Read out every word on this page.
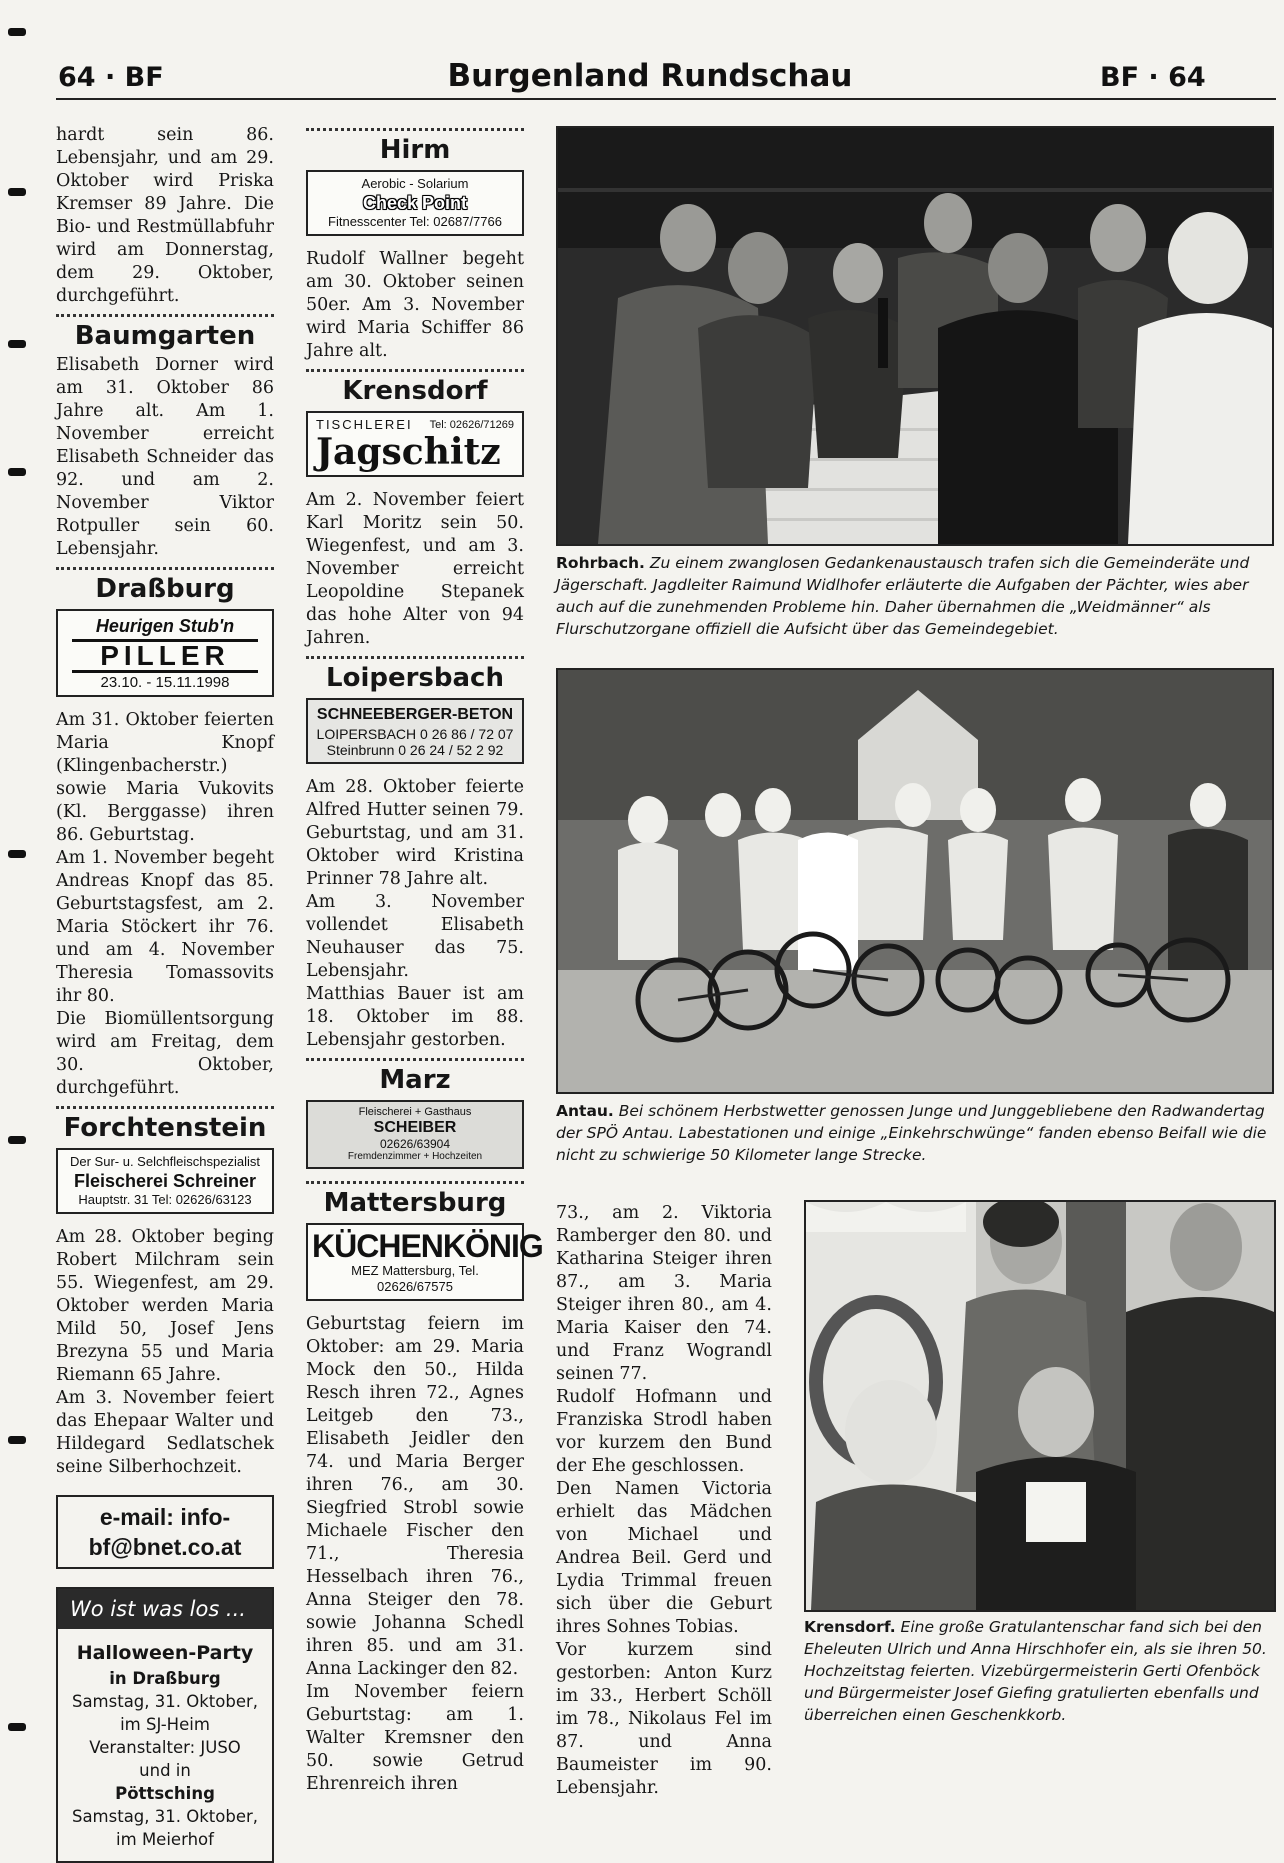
64 · BF	Burgenland Rundschau	BF · 64

hardt sein 86. Lebensjahr, und am 29. Oktober wird Priska Kremser 89 Jahre. Die Bio- und Restmüllabfuhr wird am Donnerstag, dem 29. Oktober, durchgeführt.

Baumgarten

Elisabeth Dorner wird am 31. Oktober 86 Jahre alt. Am 1. November erreicht Elisabeth Schneider das 92. und am 2. November Viktor Rotpuller sein 60. Lebensjahr.

Draßburg
Heurigen Stub'n
PILLER
23.10. - 15.11.1998

Am 31. Oktober feierten Maria Knopf (Klingenbacherstr.) sowie Maria Vukovits (Kl. Berggasse) ihren 86. Geburtstag.

Am 1. November begeht Andreas Knopf das 85. Geburtstagsfest, am 2. Maria Stöckert ihr 76. und am 4. November Theresia Tomassovits ihr 80.

Die Biomüllentsorgung wird am Freitag, dem 30. Oktober, durchgeführt.

Forchtenstein
Der Sur- u. Selchfleischspezialist
Fleischerei Schreiner
Hauptstr. 31 Tel: 02626/63123

Am 28. Oktober beging Robert Milchram sein 55. Wiegenfest, am 29. Oktober werden Maria Mild 50, Josef Jens Brezyna 55 und Maria Riemann 65 Jahre.

Am 3. November feiert das Ehepaar Walter und Hildegard Sedlatschek seine Silberhochzeit.

e-mail: info-bf@bnet.co.at
Wo ist was los ...
Halloween-Party
in Draßburg
Samstag, 31. Oktober,
im SJ-Heim
Veranstalter: JUSO
und in
Pöttsching
Samstag, 31. Oktober,
im Meierhof
Hirm
Aerobic - Solarium
Check Point
Fitnesscenter Tel: 02687/7766

Rudolf Wallner begeht am 30. Oktober seinen 50er. Am 3. November wird Maria Schiffer 86 Jahre alt.

Krensdorf
TISCHLEREI Tel: 02626/71269
Jagschitz

Am 2. November feiert Karl Moritz sein 50. Wiegenfest, und am 3. November erreicht Leopoldine Stepanek das hohe Alter von 94 Jahren.

Loipersbach
SCHNEEBERGER-BETON
LOIPERSBACH 0 26 86 / 72 07
Steinbrunn 0 26 24 / 52 2 92

Am 28. Oktober feierte Alfred Hutter seinen 79. Geburtstag, und am 31. Oktober wird Kristina Prinner 78 Jahre alt.

Am 3. November vollendet Elisabeth Neuhauser das 75. Lebensjahr.

Matthias Bauer ist am 18. Oktober im 88. Lebensjahr gestorben.

Marz
Fleischerei + Gasthaus
SCHEIBER
02626/63904
Fremdenzimmer + Hochzeiten
Mattersburg
KÜCHENKÖNIG
MEZ Mattersburg, Tel. 02626/67575

Geburtstag feiern im Oktober: am 29. Maria Mock den 50., Hilda Resch ihren 72., Agnes Leitgeb den 73., Elisabeth Jeidler den 74. und Maria Berger ihren 76., am 30. Siegfried Strobl sowie Michaele Fischer den 71., Theresia Hesselbach ihren 76., Anna Steiger den 78. sowie Johanna Schedl ihren 85. und am 31. Anna Lackinger den 82.

Im November feiern Geburtstag: am 1. Walter Kremsner den 50. sowie Getrud Ehrenreich ihren

73., am 2. Viktoria Ramberger den 80. und Katharina Steiger ihren 87., am 3. Maria Steiger ihren 80., am 4. Maria Kaiser den 74. und Franz Wograndl seinen 77.

Rudolf Hofmann und Franziska Strodl haben vor kurzem den Bund der Ehe geschlossen.

Den Namen Victoria erhielt das Mädchen von Michael und Andrea Beil. Gerd und Lydia Trimmal freuen sich über die Geburt ihres Sohnes Tobias.

Vor kurzem sind gestorben: Anton Kurz im 33., Herbert Schöll im 78., Nikolaus Fel im 87. und Anna Baumeister im 90. Lebensjahr.

Rohrbach. Zu einem zwanglosen Gedankenaustausch trafen sich die Gemeinderäte und Jägerschaft. Jagdleiter Raimund Widlhofer erläuterte die Aufgaben der Pächter, wies aber auch auf die zunehmenden Probleme hin. Daher übernahmen die „Weidmänner“ als Flurschutzorgane offiziell die Aufsicht über das Gemeindegebiet.
Antau. Bei schönem Herbstwetter genossen Junge und Junggebliebene den Radwandertag der SPÖ Antau. Labestationen und einige „Einkehrschwünge“ fanden ebenso Beifall wie die nicht zu schwierige 50 Kilometer lange Strecke.
Krensdorf. Eine große Gratulantenschar fand sich bei den Eheleuten Ulrich und Anna Hirschhofer ein, als sie ihren 50. Hochzeitstag feierten. Vizebürgermeisterin Gerti Ofenböck und Bürgermeister Josef Giefing gratulierten ebenfalls und überreichen einen Geschenkkorb.
